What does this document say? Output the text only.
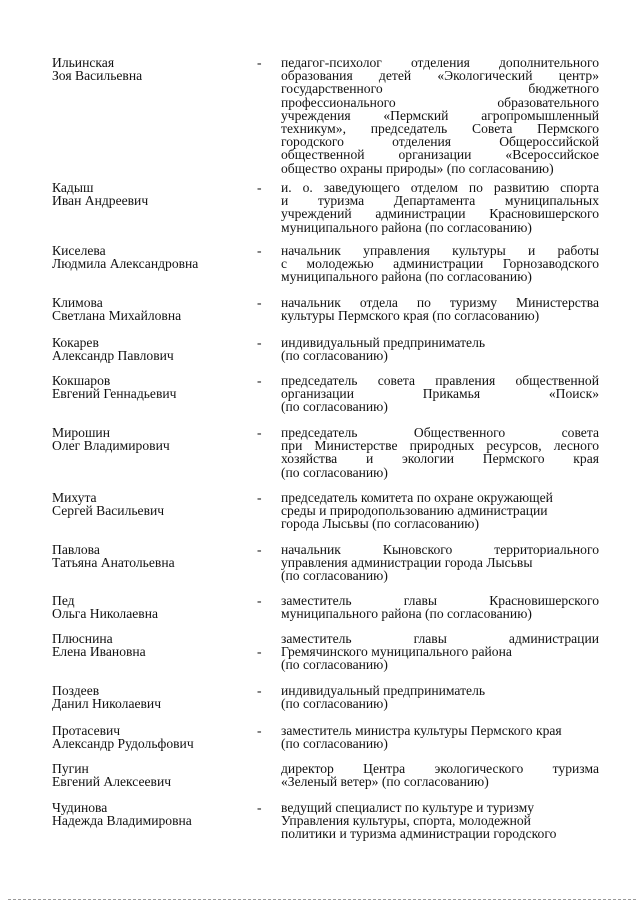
Ильинская
Зоя Васильевна
-	педагог-психолог отделения дополнительного
образования детей «Экологический центр»
государственного бюджетного
профессионального образовательного
учреждения «Пермский агропромышленный
техникум», председатель Совета Пермского
городского отделения Общероссийской
общественной организации «Всероссийское
общество охраны природы» (по согласованию)
Кадыш
Иван Андреевич
-	и. о. заведующего отделом по развитию спорта
и туризма Департамента муниципальных
учреждений администрации Красновишерского
муниципального района (по согласованию)
Киселева
Людмила Александровна
-	начальник управления культуры и работы
с молодежью администрации Горнозаводского
муниципального района (по согласованию)
Климова
Светлана Михайловна
-	начальник отдела по туризму Министерства
культуры Пермского края (по согласованию)
Кокарев
Александр Павлович
-	индивидуальный предприниматель
(по согласованию)
Кокшаров
Евгений Геннадьевич
-	председатель совета правления общественной
организации Прикамья «Поиск»
(по согласованию)
Мирошин
Олег Владимирович
-	председатель Общественного совета
при Министерстве природных ресурсов, лесного
хозяйства и экологии Пермского края
(по согласованию)
Михута
Сергей Васильевич
-	председатель комитета по охране окружающей
среды и природопользованию администрации
города Лысьвы (по согласованию)
Павлова
Татьяна Анатольевна
-	начальник Кыновского территориального
управления администрации города Лысьвы
(по согласованию)
Пед
Ольга Николаевна
-	заместитель главы Красновишерского
муниципального района (по согласованию)
Плюснина
Елена Ивановна	-
заместитель главы администрации
Гремячинского муниципального района
(по согласованию)
Поздеев
Данил Николаевич
-	индивидуальный предприниматель
(по согласованию)
Протасевич
Александр Рудольфович
-	заместитель министра культуры Пермского края
(по согласованию)
Пугин
Евгений Алексеевич
директор Центра экологического туризма
«Зеленый ветер» (по согласованию)
Чудинова
Надежда Владимировна
-	ведущий специалист по культуре и туризму
Управления культуры, спорта, молодежной
политики и туризма администрации городского
